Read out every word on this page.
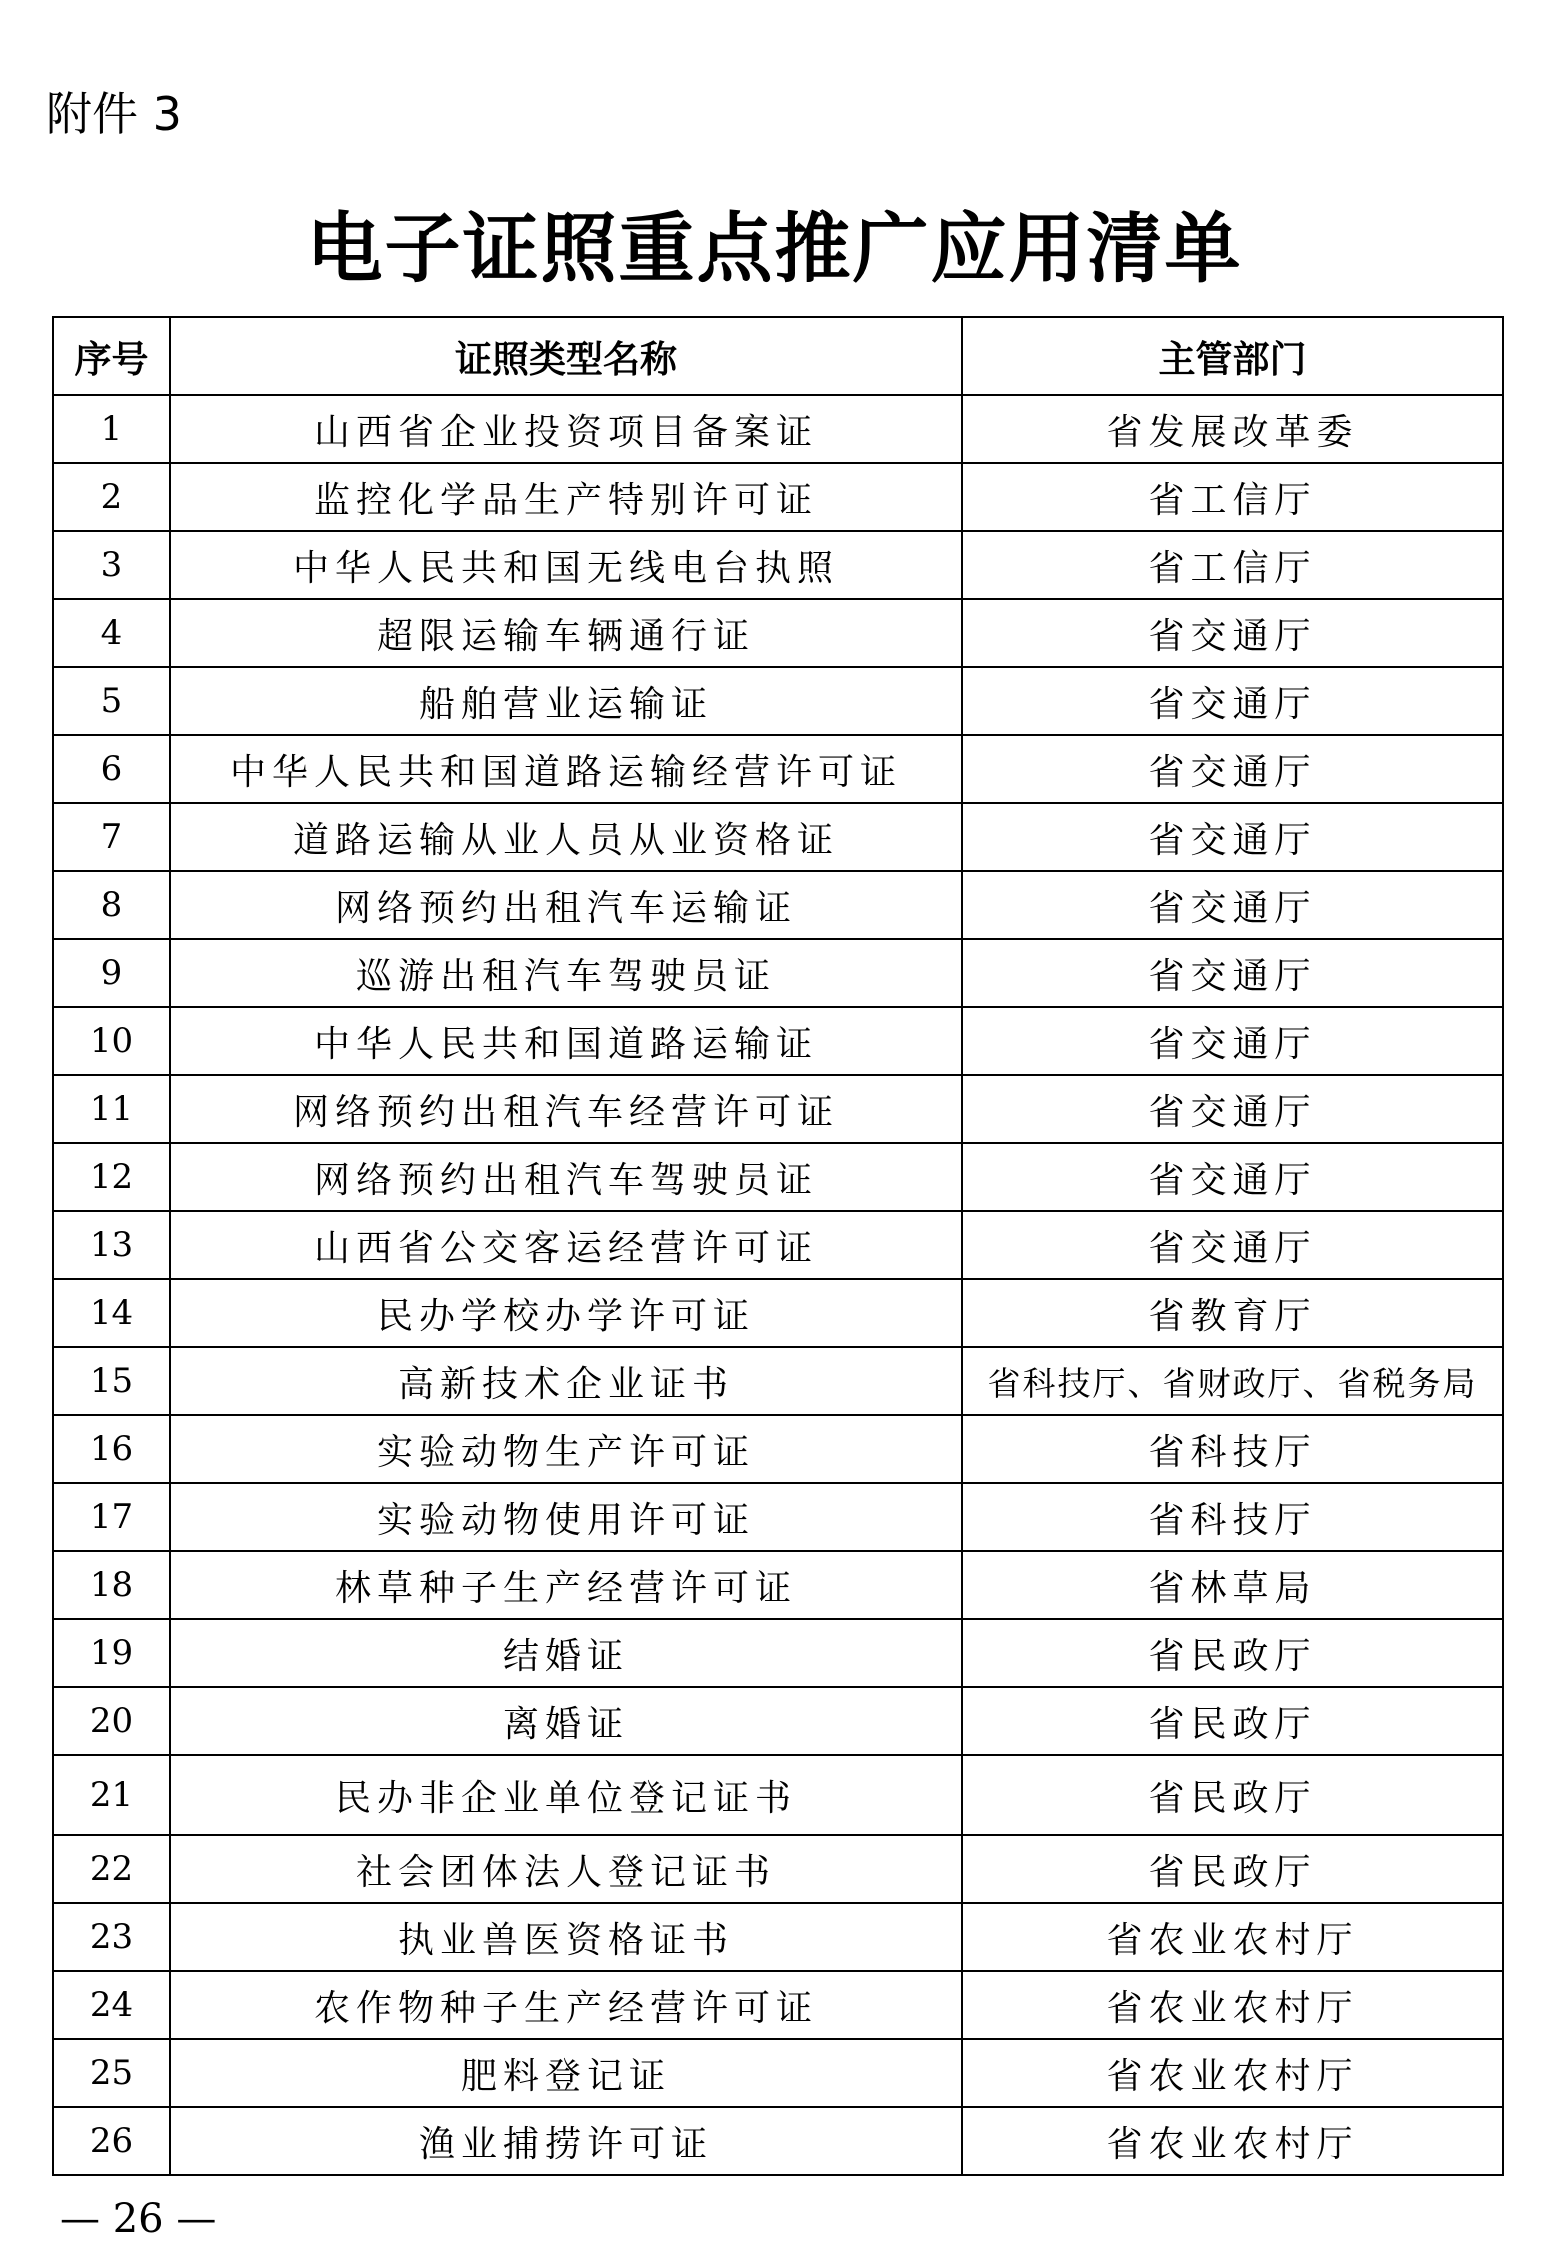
附件 3
电子证照重点推广应用清单
序号	证照类型名称	主管部门
1	山西省企业投资项目备案证	省发展改革委
2	监控化学品生产特别许可证	省工信厅
3	中华人民共和国无线电台执照	省工信厅
4	超限运输车辆通行证	省交通厅
5	船舶营业运输证	省交通厅
6	中华人民共和国道路运输经营许可证	省交通厅
7	道路运输从业人员从业资格证	省交通厅
8	网络预约出租汽车运输证	省交通厅
9	巡游出租汽车驾驶员证	省交通厅
10	中华人民共和国道路运输证	省交通厅
11	网络预约出租汽车经营许可证	省交通厅
12	网络预约出租汽车驾驶员证	省交通厅
13	山西省公交客运经营许可证	省交通厅
14	民办学校办学许可证	省教育厅
15	高新技术企业证书	省科技厅、省财政厅、省税务局
16	实验动物生产许可证	省科技厅
17	实验动物使用许可证	省科技厅
18	林草种子生产经营许可证	省林草局
19	结婚证	省民政厅
20	离婚证	省民政厅
21	民办非企业单位登记证书	省民政厅
22	社会团体法人登记证书	省民政厅
23	执业兽医资格证书	省农业农村厅
24	农作物种子生产经营许可证	省农业农村厅
25	肥料登记证	省农业农村厅
26	渔业捕捞许可证	省农业农村厅
— 26 —
